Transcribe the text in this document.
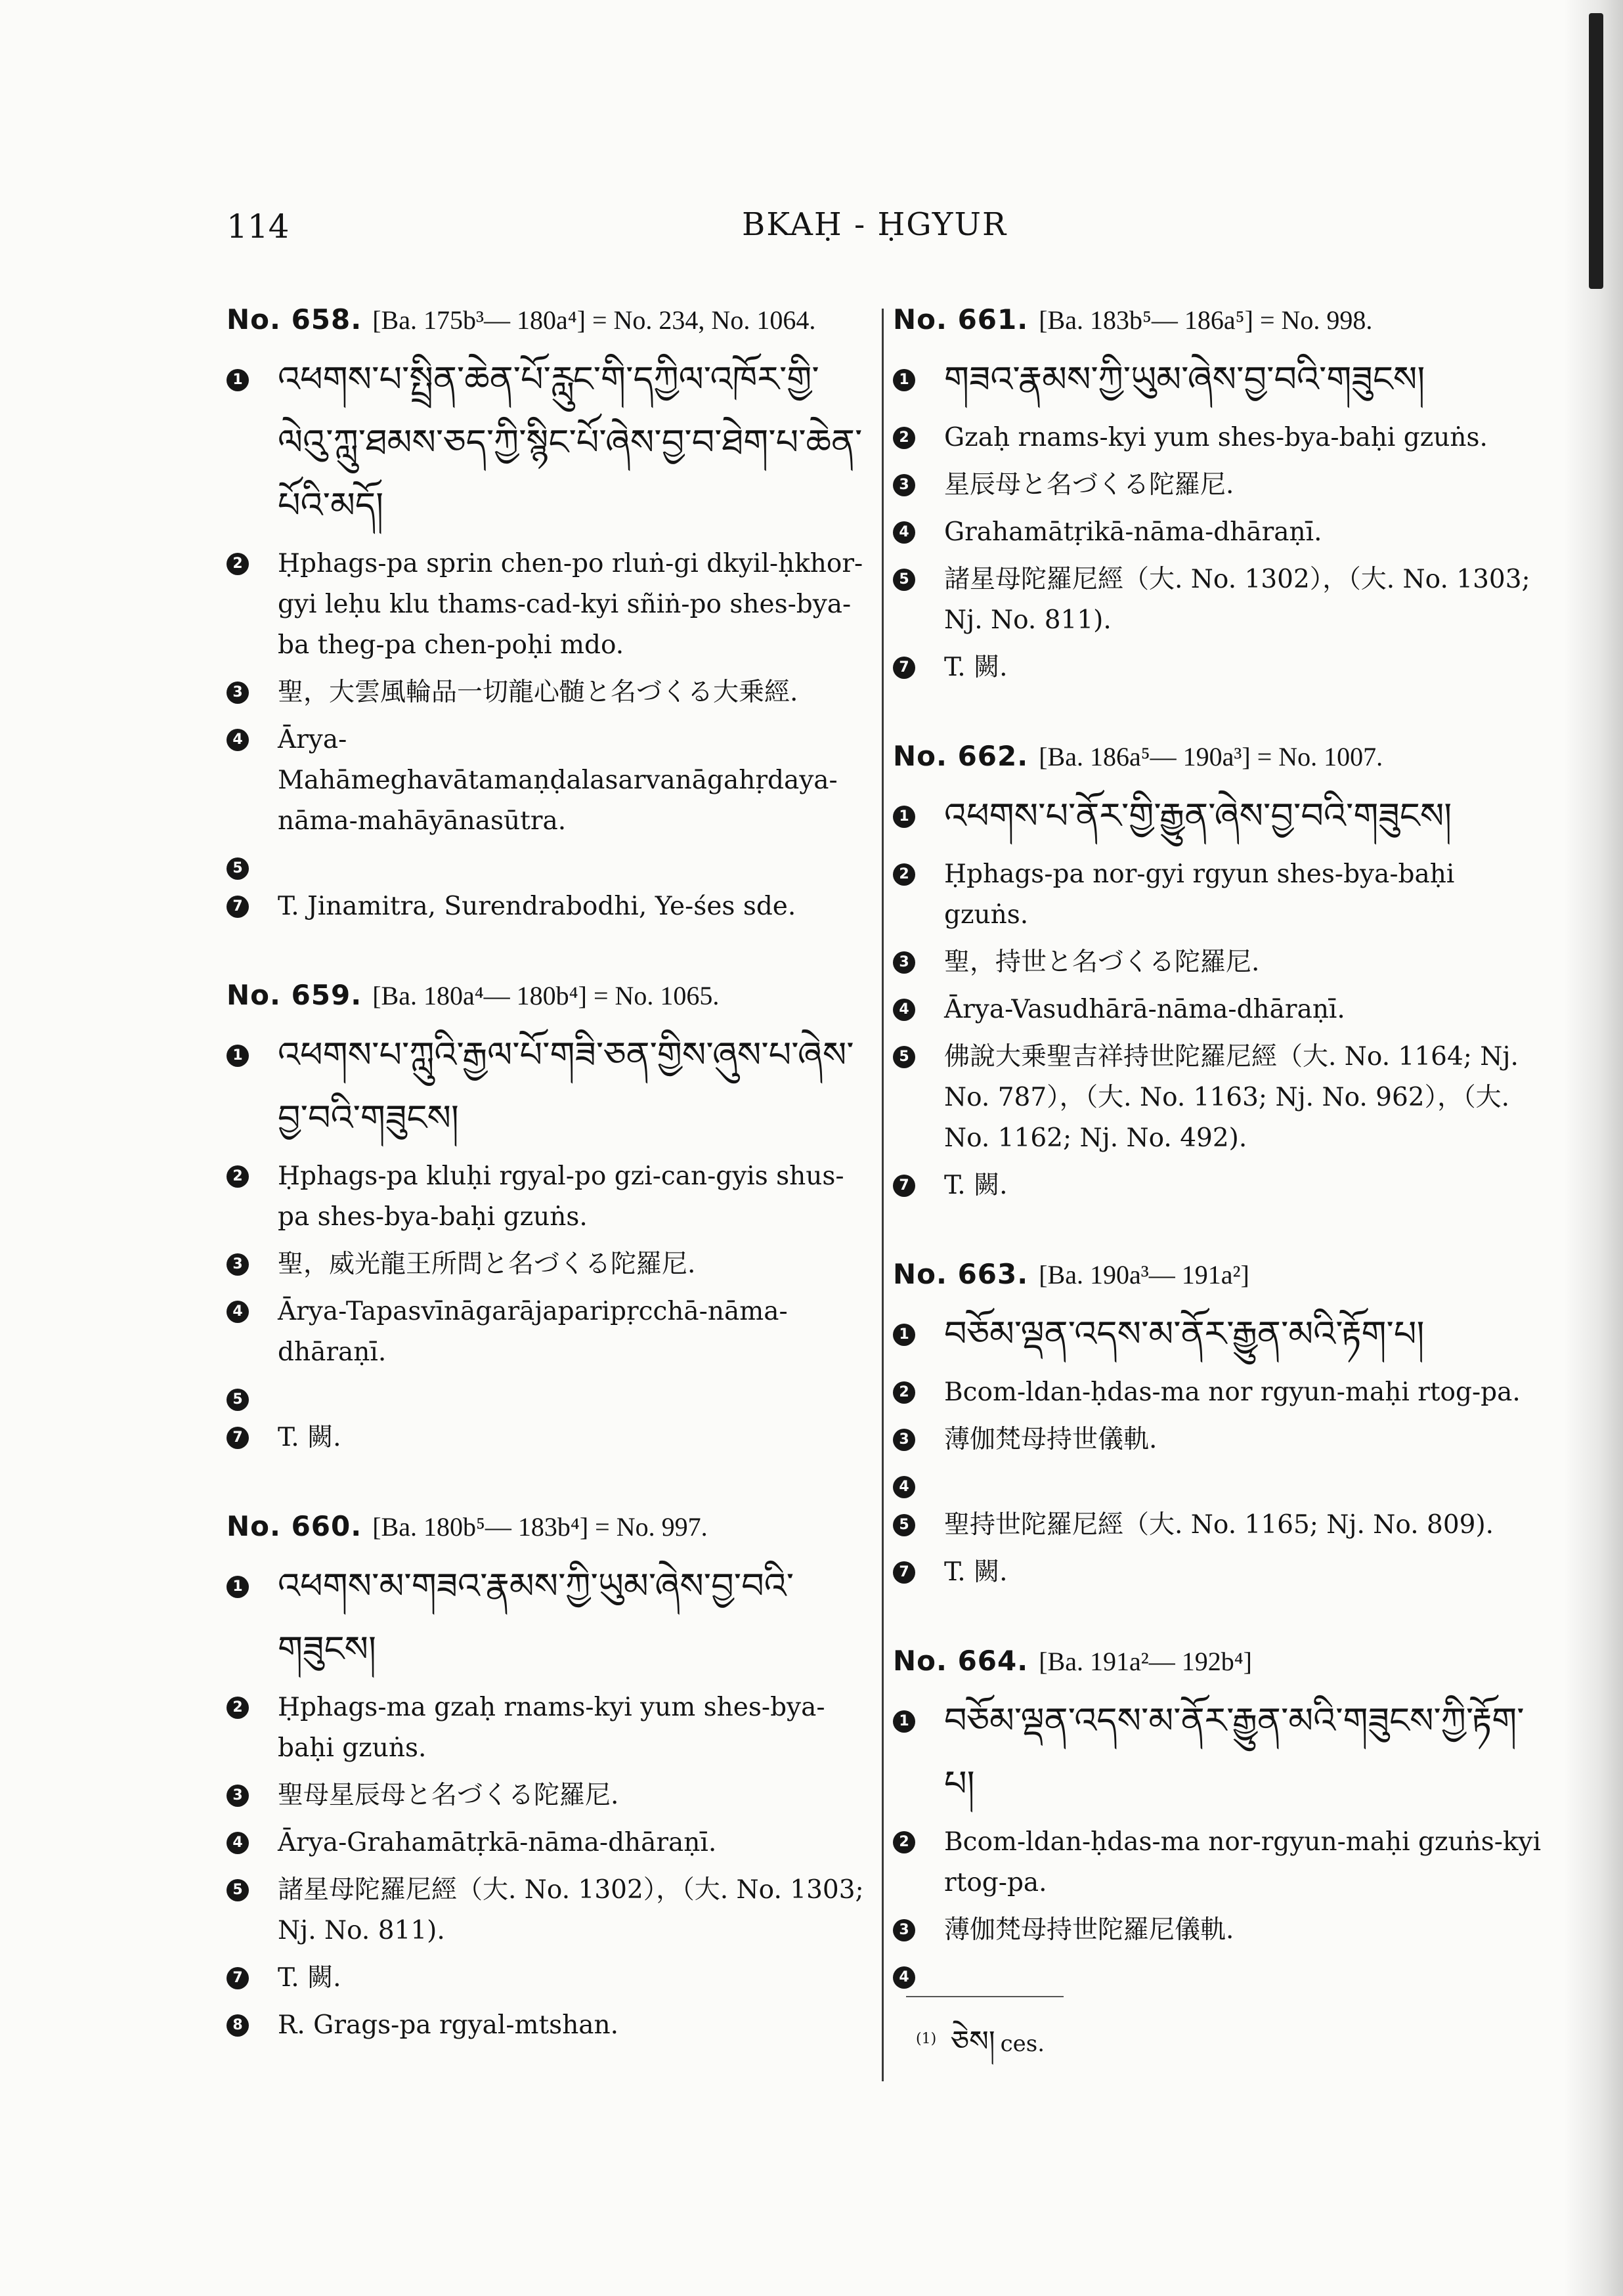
114	BKAḤ - ḤGYUR
No. 658. [Ba. 175b³— 180a⁴] = No. 234, No. 1064.
1 འཕགས་པ་སྤྲིན་ཆེན་པོ་རླུང་གི་དཀྱིལ་འཁོར་གྱི་ལེའུ་ཀླུ་ཐམས་ཅད་ཀྱི་སྙིང་པོ་ཞེས་བྱ་བ་ཐེག་པ་ཆེན་པོའི་མདོ།
2 Ḥphags-pa sprin chen-po rluṅ-gi dkyil-ḥkhor-gyi leḥu klu thams-cad-kyi sñiṅ-po shes-bya-ba theg-pa chen-poḥi mdo.
3 聖，大雲風輪品一切龍心髄と名づくる大乗經.
4 Ārya-Mahāmeghavātamaṇḍalasarvanāgahṛdaya-nāma-mahāyānasūtra.
5
7 T. Jinamitra, Surendrabodhi, Ye-śes sde.
No. 659. [Ba. 180a⁴— 180b⁴] = No. 1065.
1 འཕགས་པ་ཀླུའི་རྒྱལ་པོ་གཟི་ཅན་གྱིས་ཞུས་པ་ཞེས་བྱ་བའི་གཟུངས།
2 Ḥphags-pa kluḥi rgyal-po gzi-can-gyis shus-pa shes-bya-baḥi gzuṅs.
3 聖，威光龍王所問と名づくる陀羅尼.
4 Ārya-Tapasvīnāgarājaparipṛcchā-nāma-dhāraṇī.
5
7 T. 闕.
No. 660. [Ba. 180b⁵— 183b⁴] = No. 997.
1 འཕགས་མ་གཟའ་རྣམས་ཀྱི་ཡུམ་ཞེས་བྱ་བའི་གཟུངས།
2 Ḥphags-ma gzaḥ rnams-kyi yum shes-bya-baḥi gzuṅs.
3 聖母星辰母と名づくる陀羅尼.
4 Ārya-Grahamātṛkā-nāma-dhāraṇī.
5 諸星母陀羅尼經（大. No. 1302），（大. No. 1303; Nj. No. 811).
7 T. 闕.
8 R. Grags-pa rgyal-mtshan.
No. 661. [Ba. 183b⁵— 186a⁵] = No. 998.
1 གཟའ་རྣམས་ཀྱི་ཡུམ་ཞེས་བྱ་བའི་གཟུངས།
2 Gzaḥ rnams-kyi yum shes-bya-baḥi gzuṅs.
3 星辰母と名づくる陀羅尼.
4 Grahamātṛikā-nāma-dhāraṇī.
5 諸星母陀羅尼經（大. No. 1302），（大. No. 1303; Nj. No. 811).
7 T. 闕.
No. 662. [Ba. 186a⁵— 190a³] = No. 1007.
1 འཕགས་པ་ནོར་གྱི་རྒྱུན་ཞེས་བྱ་བའི་གཟུངས།
2 Ḥphags-pa nor-gyi rgyun shes-bya-baḥi gzuṅs.
3 聖，持世と名づくる陀羅尼.
4 Ārya-Vasudhārā-nāma-dhāraṇī.
5 佛說大乗聖吉祥持世陀羅尼經（大. No. 1164; Nj. No. 787），（大. No. 1163; Nj. No. 962），（大. No. 1162; Nj. No. 492).
7 T. 闕.
No. 663. [Ba. 190a³— 191a²]
1 བཅོམ་ལྡན་འདས་མ་ནོར་རྒྱུན་མའི་རྟོག་པ།
2 Bcom-ldan-ḥdas-ma nor rgyun-maḥi rtog-pa.
3 薄伽梵母持世儀軌.
4
5 聖持世陀羅尼經（大. No. 1165; Nj. No. 809).
7 T. 闕.
No. 664. [Ba. 191a²— 192b⁴]
1 བཅོམ་ལྡན་འདས་མ་ནོར་རྒྱུན་མའི་གཟུངས་ཀྱི་རྟོག་པ།
2 Bcom-ldan-ḥdas-ma nor-rgyun-maḥi gzuṅs-kyi rtog-pa.
3 薄伽梵母持世陀羅尼儀軌.
4
$^{(1)}$ ཅེས། ces.
